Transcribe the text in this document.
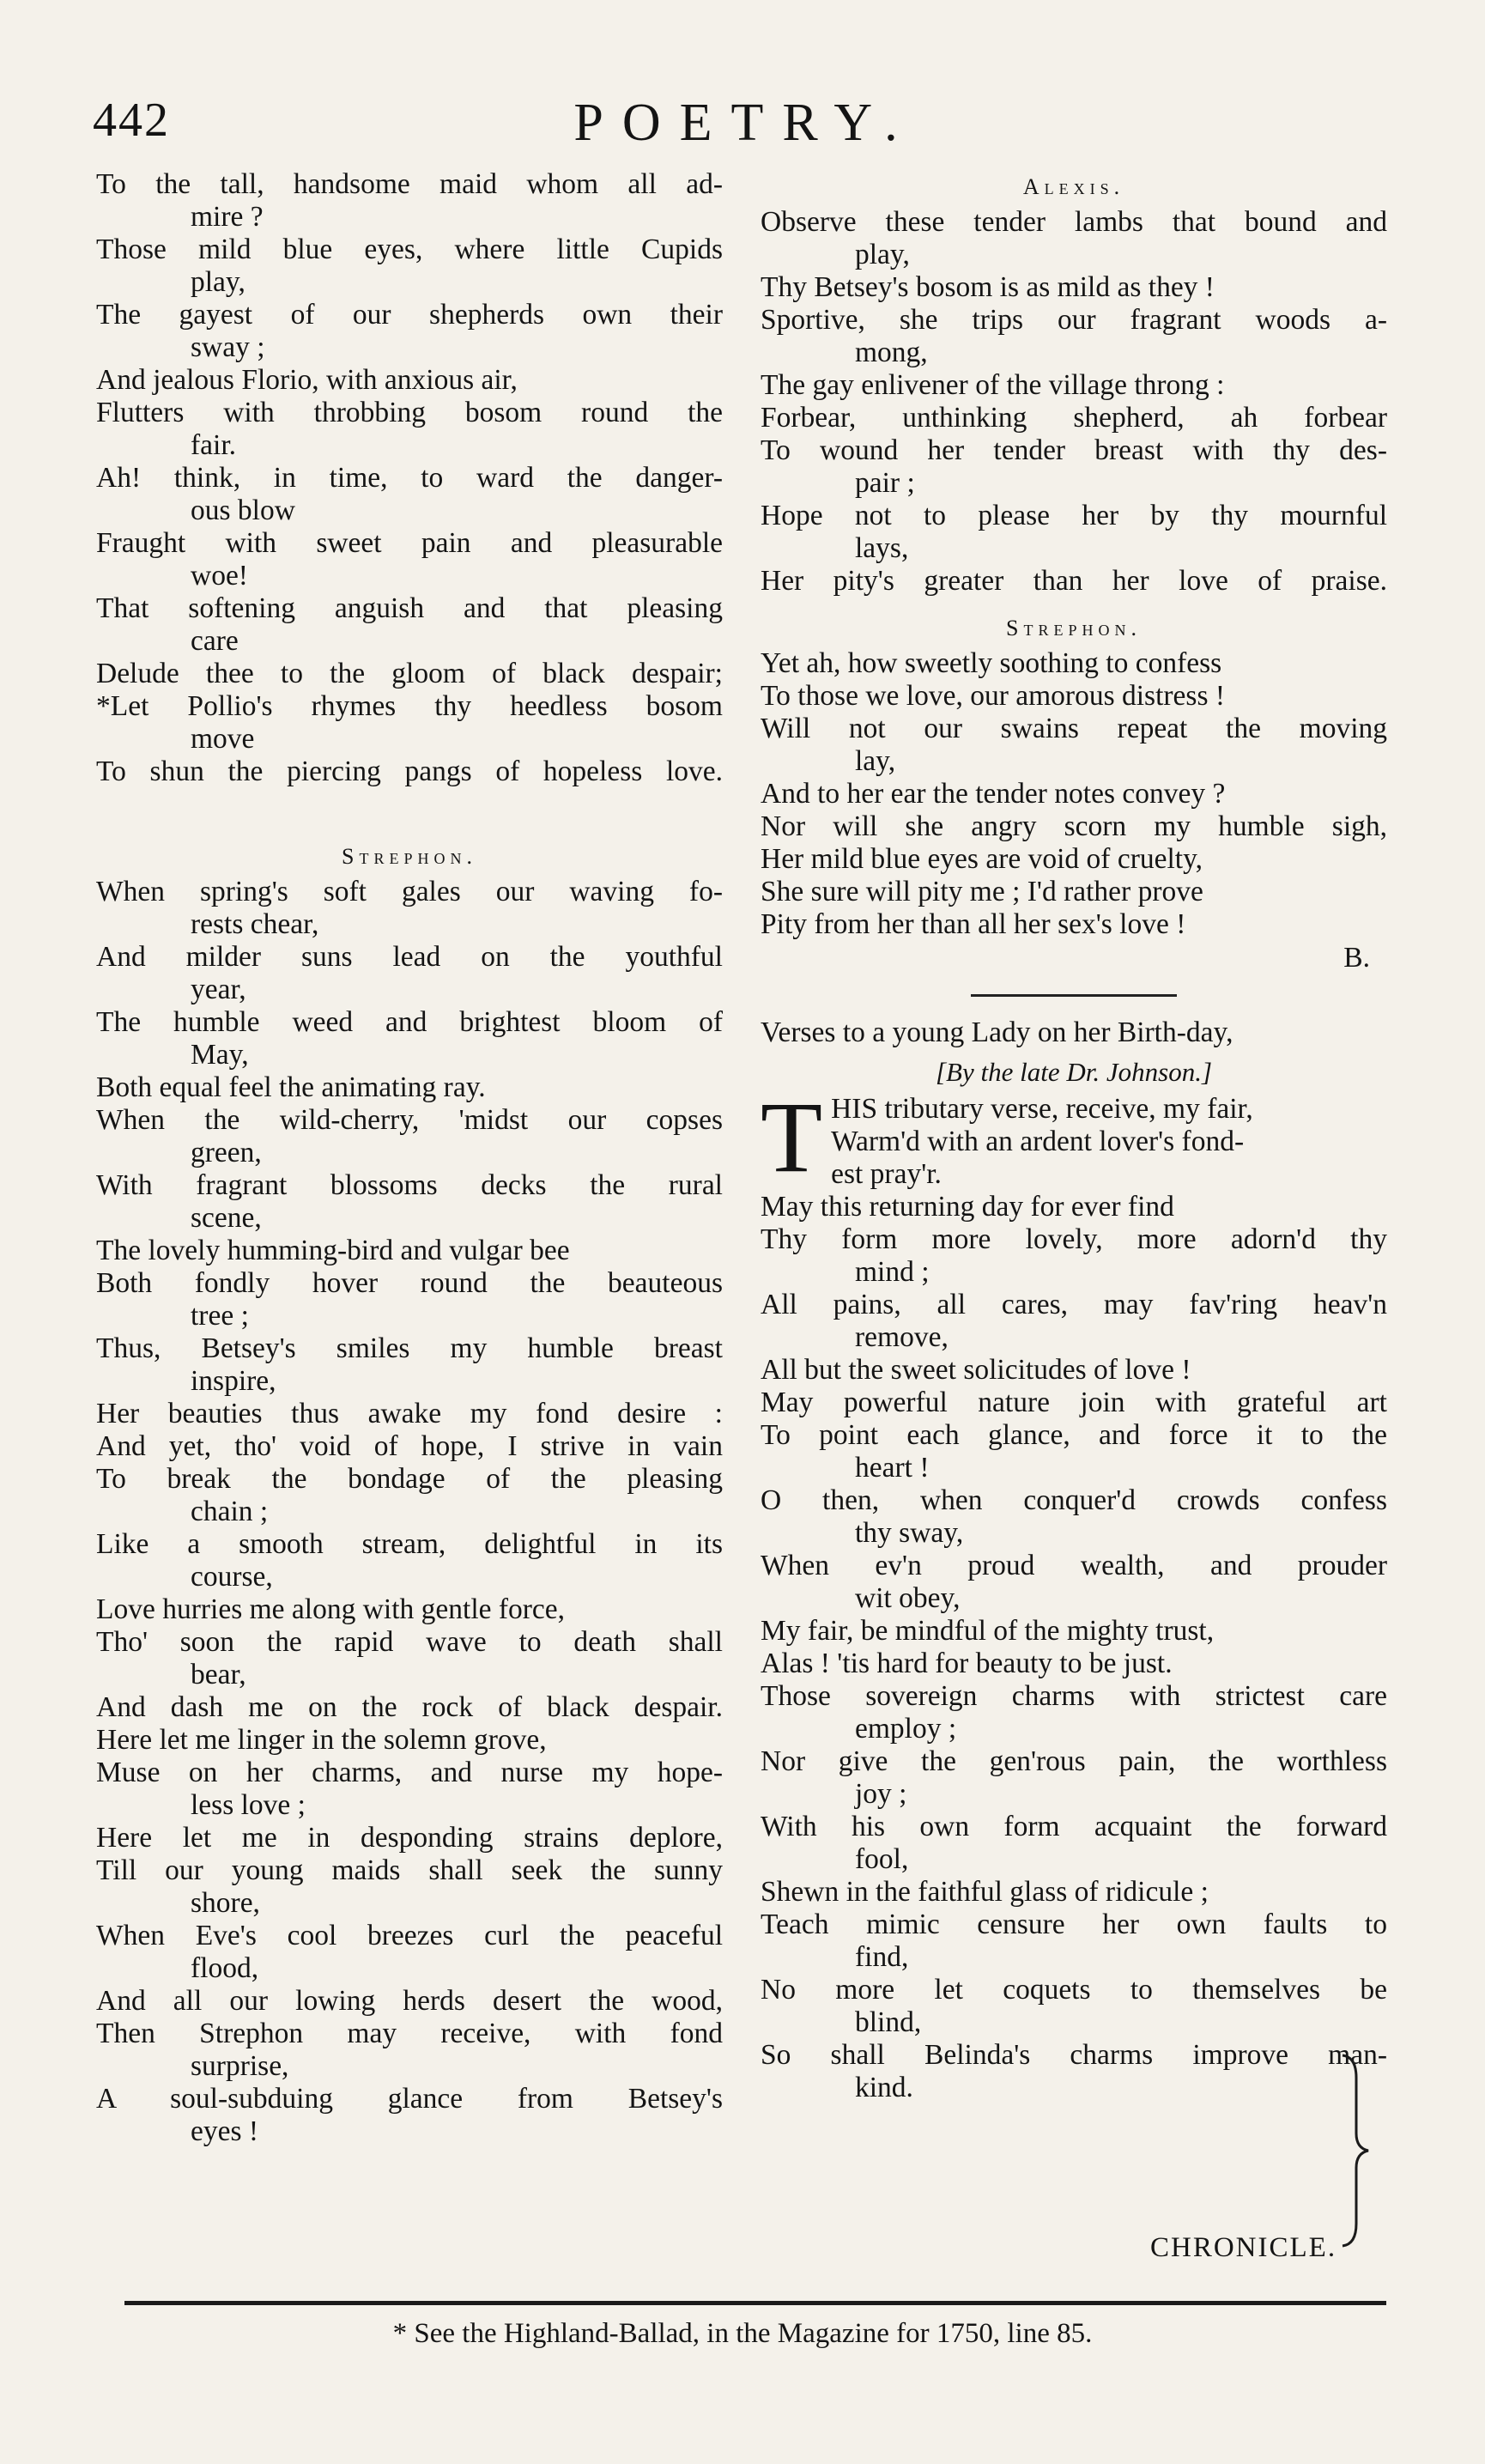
442	POETRY.
To the tall, handsome maid whom all ad-
mire ?
Those mild blue eyes, where little Cupids
play,
The gayest of our shepherds own their
sway ;
And jealous Florio, with anxious air,
Flutters with throbbing bosom round the
fair.
Ah! think, in time, to ward the danger-
ous blow
Fraught with sweet pain and pleasurable
woe!
That softening anguish and that pleasing
care
Delude thee to the gloom of black despair;
*Let Pollio's rhymes thy heedless bosom
move
To shun the piercing pangs of hopeless love.
Strephon.
When spring's soft gales our waving fo-
rests chear,
And milder suns lead on the youthful
year,
The humble weed and brightest bloom of
May,
Both equal feel the animating ray.
When the wild-cherry, 'midst our copses
green,
With fragrant blossoms decks the rural
scene,
The lovely humming-bird and vulgar bee
Both fondly hover round the beauteous
tree ;
Thus, Betsey's smiles my humble breast
inspire,
Her beauties thus awake my fond desire :
And yet, tho' void of hope, I strive in vain
To break the bondage of the pleasing
chain ;
Like a smooth stream, delightful in its
course,
Love hurries me along with gentle force,
Tho' soon the rapid wave to death shall
bear,
And dash me on the rock of black despair.
Here let me linger in the solemn grove,
Muse on her charms, and nurse my hope-
less love ;
Here let me in desponding strains deplore,
Till our young maids shall seek the sunny
shore,
When Eve's cool breezes curl the peaceful
flood,
And all our lowing herds desert the wood,
Then Strephon may receive, with fond
surprise,
A soul-subduing glance from Betsey's
eyes !
Alexis.
Observe these tender lambs that bound and
play,
Thy Betsey's bosom is as mild as they !
Sportive, she trips our fragrant woods a-
mong,
The gay enlivener of the village throng :
Forbear, unthinking shepherd, ah forbear
To wound her tender breast with thy des-
pair ;
Hope not to please her by thy mournful
lays,
Her pity's greater than her love of praise.
Strephon.
Yet ah, how sweetly soothing to confess
To those we love, our amorous distress !
Will not our swains repeat the moving
lay,
And to her ear the tender notes convey ?
Nor will she angry scorn my humble sigh,
Her mild blue eyes are void of cruelty,
She sure will pity me ; I'd rather prove
Pity from her than all her sex's love !
B.
Verses to a young Lady on her Birth-day,
[By the late Dr. Johnson.]
T HIS tributary verse, receive, my fair,
Warm'd with an ardent lover's fond-
est pray'r.
May this returning day for ever find
Thy form more lovely, more adorn'd thy
mind ;
All pains, all cares, may fav'ring heav'n
remove,
All but the sweet solicitudes of love !
May powerful nature join with grateful art
To point each glance, and force it to the
heart !
O then, when conquer'd crowds confess
thy sway,
When ev'n proud wealth, and prouder
wit obey,
My fair, be mindful of the mighty trust,
Alas ! 'tis hard for beauty to be just.
Those sovereign charms with strictest care
employ ;
Nor give the gen'rous pain, the worthless
joy ;
With his own form acquaint the forward
fool,
Shewn in the faithful glass of ridicule ;
Teach mimic censure her own faults to
find,
No more let coquets to themselves be
blind,
So shall Belinda's charms improve man-
kind.
CHRONICLE.
* See the Highland-Ballad, in the Magazine for 1750, line 85.
